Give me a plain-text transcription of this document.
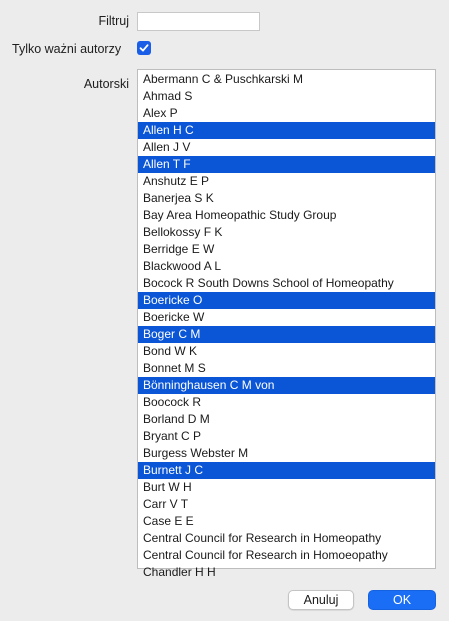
Filtruj
Tylko ważni autorzy
Autorski	Abermann C & Puschkarski M
Ahmad S
Alex P
Allen H C
Allen J V
Allen T F
Anshutz E P
Banerjea S K
Bay Area Homeopathic Study Group
Bellokossy F K
Berridge E W
Blackwood A L
Bocock R South Downs School of Homeopathy
Boericke O
Boericke W
Boger C M
Bond W K
Bonnet M S
Bönninghausen C M von
Boocock R
Borland D M
Bryant C P
Burgess Webster M
Burnett J C
Burt W H
Carr V T
Case E E
Central Council for Research in Homeopathy
Central Council for Research in Homoeopathy
Chandler H H
Anuluj	OK
